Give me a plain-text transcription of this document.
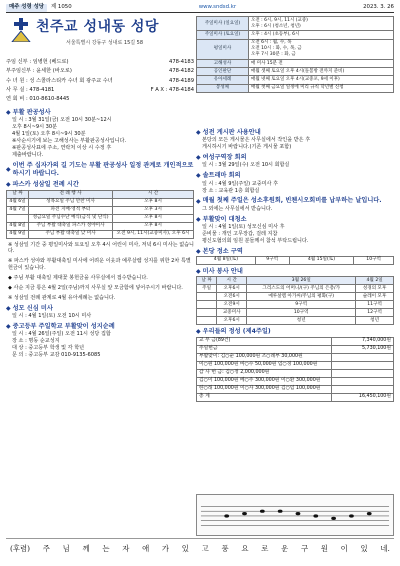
매주 성령 성당	제 1050	www.sndsd.kr	2023. 3. 26
천주교 성내동 성당
서울특별시 강동구 성내로 15길 58
주임 신부 : 임병헌 (베드로)	478-4183
부주임신부 : 윤세한 (바오로)	478-4182
수 녀 원 : 성 스콜라스티카 수녀 회 광주교 수녀	478-4189
사 무 실 : 478-4181	F A X : 478-4184
연 회 비 : 010-8610-8445
주일미사 (일요일)	오전 : 6시, 9시, 11시 (교중)
오후 : 6시 (청소년, 청년)

주일미사 (토요일)	오후 : 4시 (초등부), 6시

평일미사	오전 6시 : 월, 수, 목
오전 10시 : 화, 수, 목, 금
오후 7시 30분 : 화, 금

고해성사	매 미사 15분 전

공인판단	매월 셋째 토요일 오후 4시(돌봄방 전까지 준비)

유아세례	매월 넷째 토요일 오후 4시(교중포, 9세 이후)

봉성체	매월 첫째 금요일 일정에 미리 규칙 학년별 신청
◆ 부활 판공성사
일 시 : 3월 31일(금) 오전 10시 30분~12시
오후 8시~9시 30분
4월 1일(토) 오후 8시~9시 30분
※사순시기에 보는 고해성사는 부활판공성사입니다.
※판공성사표에 주소, 연락처 이상 시 수정 후
제출바랍니다.
◆
이번 주 십자가의 길 기도는 부활 판공성사 일정 관계로 개인적으로 하시기 바랍니다.
◆ 파스카 성삼일 전례 시간
날 짜	전 례 행 사	시 간
4월 6일	성목요일 주님 만찬 미사	오후 8시
4월 7일	파견 지배·영적 부터	오후 3시
	성금요일 주님수난 예식(금식 및 단식)	오후 8시
4월 8일	주님 부활 대축일 파스카 성야미사	오후 8시
4월 9일	주님 부활 대축일 낮 미사	오전 9시, 11시(교중미사), 오후 6시
※ 성삼일 기간 중 평일미사와 토요일 오후 4시 어린이 미사, 저녁 6시 미사는 없습니다.
※ 파스카 성야와 부활대축일 미사에 어려운 이웃과 예루살렘 성지를 위한 2차 특별헌금이 있습니다.
◆ 주님 부활 대축일 제대꽃 봉헌금을 사무실에서 접수받습니다.
◆ 사순 지금 통은 4월 2일(주님)까지 사무실 앞 모금함에 넣어주시기 바랍니다.
※ 성삼일 전례 관계로 4월 유아세례는 없습니다.
◆ 성모 신심 미사
일 시 : 4월 1일(토) 오전 10시 미사
◆ 중고등부 주일학교 부활맞이 성지순례
일 시 : 4월 26일(주일) 오전 11시 성당 집합
장 소 : 명동 순교성지
대 상 : 중고등부 학생 및 각 학년
문 의 : 중고등부 교감 010-9135-6085
◆ 성전 게시판 사용안내
본당의 모든 게시물은 사무실에서 작인을 받은 후
게시하시기 바랍니다.(기존 게시물 포함)
◆ 여성구역장 회의
일 시 : 3월 29일(수) 오전 10시 회합실
◆ 솔트래마 회의
일 시 : 4월 9일(주일) 교중미사 후
장 소 : 교육관 1층 회합실
◆ 매월 첫째 주일은 성소후원회, 빈첸시오회비를 납부하는 날입니다.
그 외에는 사무실에서 받습니다.
◆ 부활맞이 대청소
일 시 : 4월 1일(토) 성모신심 미사 후
준비물 : 개인 고무장갑, 걸레 지참
평신도협의회 임원 분들께서 참석 부탁드립니다.
◆ 본당 정소 구역
4월 8일(토)	9구역	4월 15일(토)	10구역
◆ 미사 봉사 안내
날 짜	시 간	3월 26일	4월 2일
주일	오후6시	그리스도의 어머니/(구) 주님의 은총/가	성경의 모후
	오전6시	예루살렘 아가씨/주님의 평화(구)	슬레이 모후
	오전9시	9구역	11구역
	교중미사	10구역	12구역
	오후6시	청년	청년
◆ 우리들의 정성 (제4주일)
교 무 금(89건)	7,340,000원
주일헌금	5,730,100원
부활맞이: 김○순 100,000원 조○례부 30,000원	
이○원 100,000원 마○수 50,000원 임○경 100,000원	
감 사 헌 금: 김○정 2,000,000원	
김○이 100,000원 베○주 300,000원 이○환 300,000원	
한○래 100,000원 이○자 300,000원 김○임 100,000원	
총 계	16,450,100원
(후렴) 주 님 께 는 자 애 가 있 고 풍 요 로 운 구 원 이 있 네.
